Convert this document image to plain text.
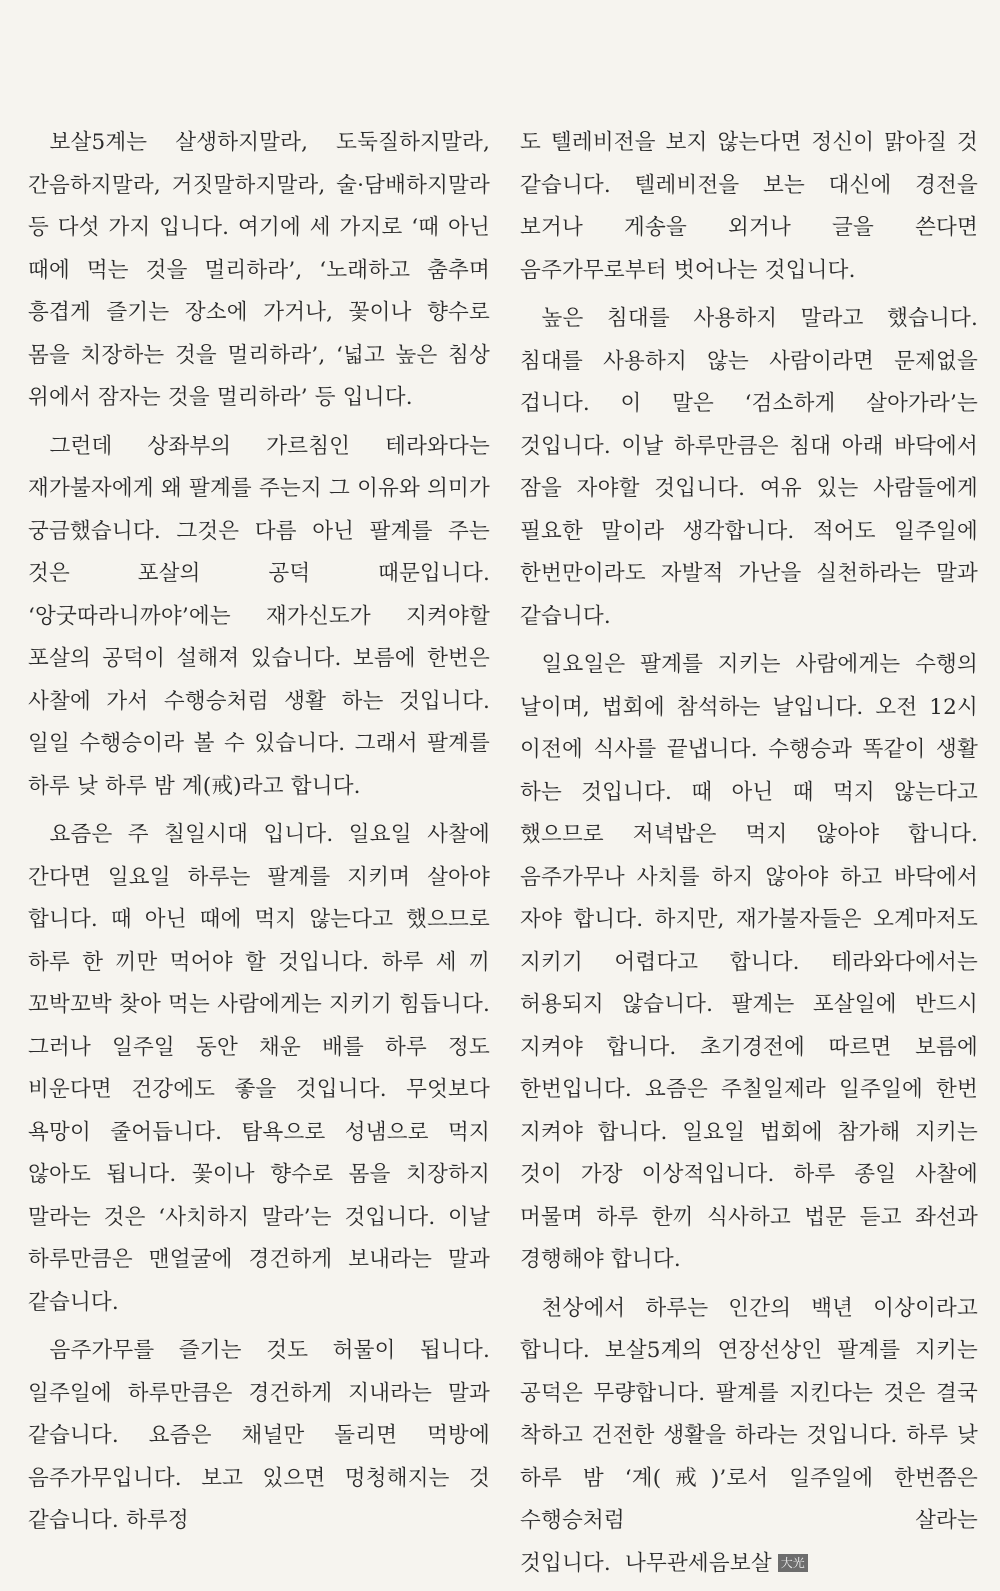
보살5계는 살생하지말라, 도둑질하지말라, 간음하지말라, 거짓말하지말라, 술·담배하지말라 등 다섯 가지 입니다. 여기에 세 가지로 ‘때 아닌 때에 먹는 것을 멀리하라’, ‘노래하고 춤추며 흥겹게 즐기는 장소에 가거나, 꽃이나 향수로 몸을 치장하는 것을 멀리하라’, ‘넓고 높은 침상 위에서 잠자는 것을 멀리하라’ 등 입니다.

그런데 상좌부의 가르침인 테라와다는 재가불자에게 왜 팔계를 주는지 그 이유와 의미가 궁금했습니다. 그것은 다름 아닌 팔계를 주는 것은 포살의 공덕 때문입니다. ‘앙굿따라니까야’에는 재가신도가 지켜야할 포살의 공덕이 설해져 있습니다. 보름에 한번은 사찰에 가서 수행승처럼 생활 하는 것입니다. 일일 수행승이라 볼 수 있습니다. 그래서 팔계를 하루 낮 하루 밤 계(戒)라고 합니다.

요즘은 주 칠일시대 입니다. 일요일 사찰에 간다면 일요일 하루는 팔계를 지키며 살아야 합니다. 때 아닌 때에 먹지 않는다고 했으므로 하루 한 끼만 먹어야 할 것입니다. 하루 세 끼 꼬박꼬박 찾아 먹는 사람에게는 지키기 힘듭니다. 그러나 일주일 동안 채운 배를 하루 정도 비운다면 건강에도 좋을 것입니다. 무엇보다 욕망이 줄어듭니다. 탐욕으로 성냄으로 먹지 않아도 됩니다. 꽃이나 향수로 몸을 치장하지 말라는 것은 ‘사치하지 말라’는 것입니다. 이날 하루만큼은 맨얼굴에 경건하게 보내라는 말과 같습니다.

음주가무를 즐기는 것도 허물이 됩니다. 일주일에 하루만큼은 경건하게 지내라는 말과 같습니다. 요즘은 채널만 돌리면 먹방에 음주가무입니다. 보고 있으면 멍청해지는 것 같습니다. 하루정

도 텔레비전을 보지 않는다면 정신이 맑아질 것 같습니다. 텔레비전을 보는 대신에 경전을 보거나 게송을 외거나 글을 쓴다면 음주가무로부터 벗어나는 것입니다.

높은 침대를 사용하지 말라고 했습니다. 침대를 사용하지 않는 사람이라면 문제없을 겁니다. 이 말은 ‘검소하게 살아가라’는 것입니다. 이날 하루만큼은 침대 아래 바닥에서 잠을 자야할 것입니다. 여유 있는 사람들에게 필요한 말이라 생각합니다. 적어도 일주일에 한번만이라도 자발적 가난을 실천하라는 말과 같습니다.

일요일은 팔계를 지키는 사람에게는 수행의 날이며, 법회에 참석하는 날입니다. 오전 12시 이전에 식사를 끝냅니다. 수행승과 똑같이 생활 하는 것입니다. 때 아닌 때 먹지 않는다고 했으므로 저녁밥은 먹지 않아야 합니다. 음주가무나 사치를 하지 않아야 하고 바닥에서 자야 합니다. 하지만, 재가불자들은 오계마저도 지키기 어렵다고 합니다. 테라와다에서는 허용되지 않습니다. 팔계는 포살일에 반드시 지켜야 합니다. 초기경전에 따르면 보름에 한번입니다. 요즘은 주칠일제라 일주일에 한번 지켜야 합니다. 일요일 법회에 참가해 지키는 것이 가장 이상적입니다. 하루 종일 사찰에 머물며 하루 한끼 식사하고 법문 듣고 좌선과 경행해야 합니다.

천상에서 하루는 인간의 백년 이상이라고 합니다. 보살5계의 연장선상인 팔계를 지키는 공덕은 무량합니다. 팔계를 지킨다는 것은 결국 착하고 건전한 생활을 하라는 것입니다. 하루 낮 하루 밤 ‘계(戒)’로서 일주일에 한번쯤은 수행승처럼 살라는 것입니다. 나무관세음보살 大光
